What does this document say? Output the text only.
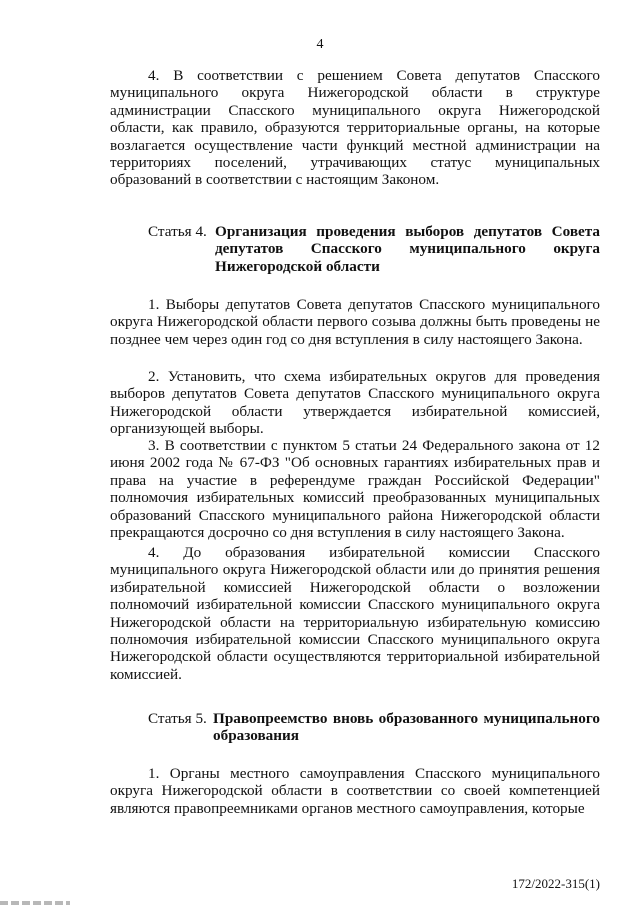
4

4. В соответствии с решением Совета депутатов Спасского муниципального округа Нижегородской области в структуре администрации Спасского муниципального округа Нижегородской области, как правило, образуются территориальные органы, на которые возлагается осуществление части функций местной администрации на территориях поселений, утрачивающих статус муниципальных образований в соответствии с настоящим Законом.

Статья 4. Организация проведения выборов депутатов Совета депутатов Спасского муниципального округа Нижегородской области

1. Выборы депутатов Совета депутатов Спасского муниципального округа Нижегородской области первого созыва должны быть проведены не позднее чем через один год со дня вступления в силу настоящего Закона.

2. Установить, что схема избирательных округов для проведения выборов депутатов Совета депутатов Спасского муниципального округа Нижегородской области утверждается избирательной комиссией, организующей выборы.

3. В соответствии с пунктом 5 статьи 24 Федерального закона от 12 июня 2002 года № 67-ФЗ "Об основных гарантиях избирательных прав и права на участие в референдуме граждан Российской Федерации" полномочия избирательных комиссий преобразованных муниципальных образований Спасского муниципального района Нижегородской области прекращаются досрочно со дня вступления в силу настоящего Закона.

4. До образования избирательной комиссии Спасского муниципального округа Нижегородской области или до принятия решения избирательной комиссией Нижегородской области о возложении полномочий избирательной комиссии Спасского муниципального округа Нижегородской области на территориальную избирательную комиссию полномочия избирательной комиссии Спасского муниципального округа Нижегородской области осуществляются территориальной избирательной комиссией.

Статья 5. Правопреемство вновь образованного муниципального образования

1. Органы местного самоуправления Спасского муниципального округа Нижегородской области в соответствии со своей компетенцией являются правопреемниками органов местного самоуправления, которые

172/2022-315(1)
